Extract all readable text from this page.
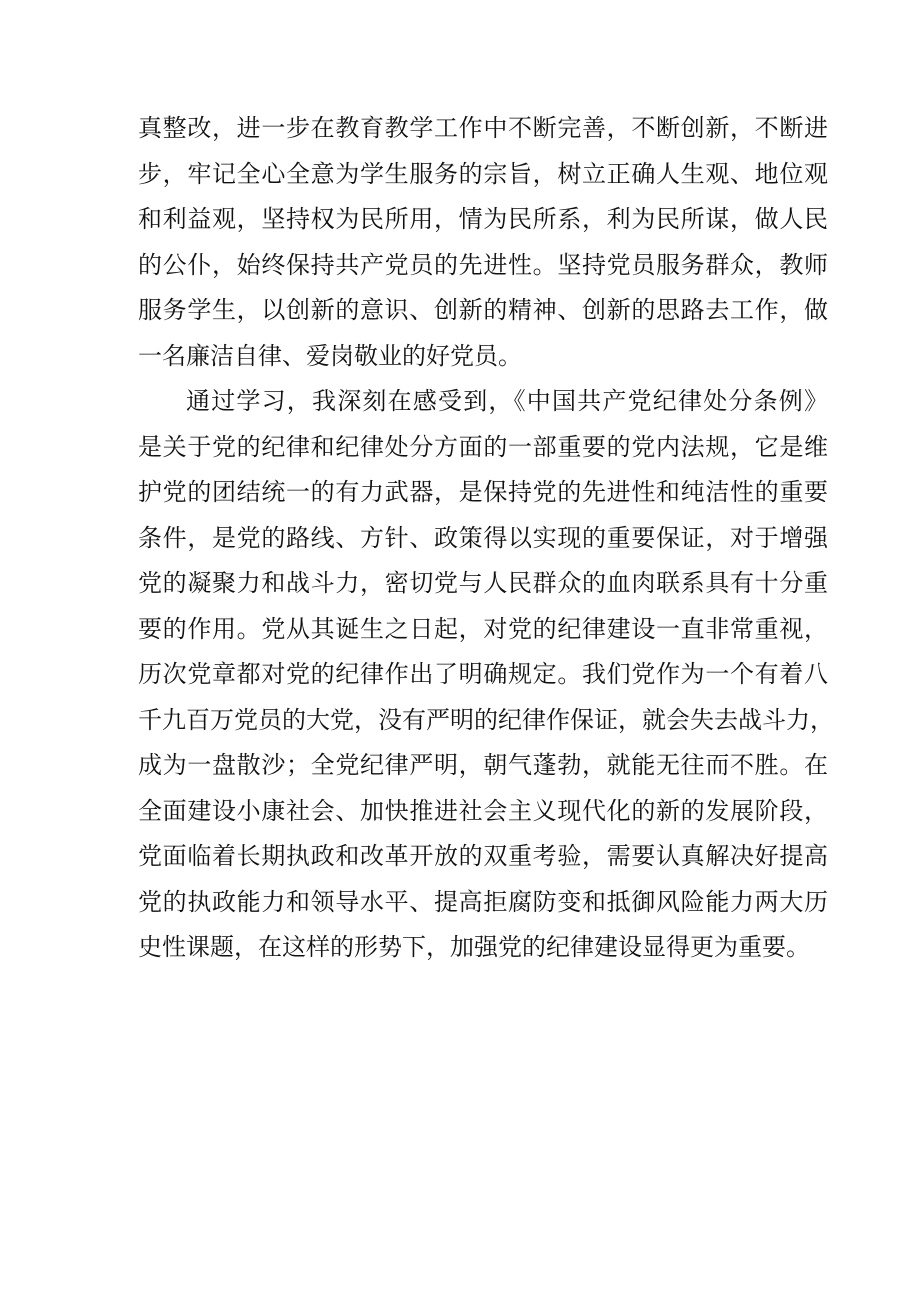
真整改，进一步在教育教学工作中不断完善，不断创新，不断进
步，牢记全心全意为学生服务的宗旨，树立正确人生观、地位观
和利益观，坚持权为民所用，情为民所系，利为民所谋，做人民
的公仆，始终保持共产党员的先进性。坚持党员服务群众，教师
服务学生，以创新的意识、创新的精神、创新的思路去工作，做
一名廉洁自律、爱岗敬业的好党员。
通过学习，我深刻在感受到，《中国共产党纪律处分条例》
是关于党的纪律和纪律处分方面的一部重要的党内法规，它是维
护党的团结统一的有力武器，是保持党的先进性和纯洁性的重要
条件，是党的路线、方针、政策得以实现的重要保证，对于增强
党的凝聚力和战斗力，密切党与人民群众的血肉联系具有十分重
要的作用。党从其诞生之日起，对党的纪律建设一直非常重视，
历次党章都对党的纪律作出了明确规定。我们党作为一个有着八
千九百万党员的大党，没有严明的纪律作保证，就会失去战斗力，
成为一盘散沙；全党纪律严明，朝气蓬勃，就能无往而不胜。在
全面建设小康社会、加快推进社会主义现代化的新的发展阶段，
党面临着长期执政和改革开放的双重考验，需要认真解决好提高
党的执政能力和领导水平、提高拒腐防变和抵御风险能力两大历
史性课题，在这样的形势下，加强党的纪律建设显得更为重要。
